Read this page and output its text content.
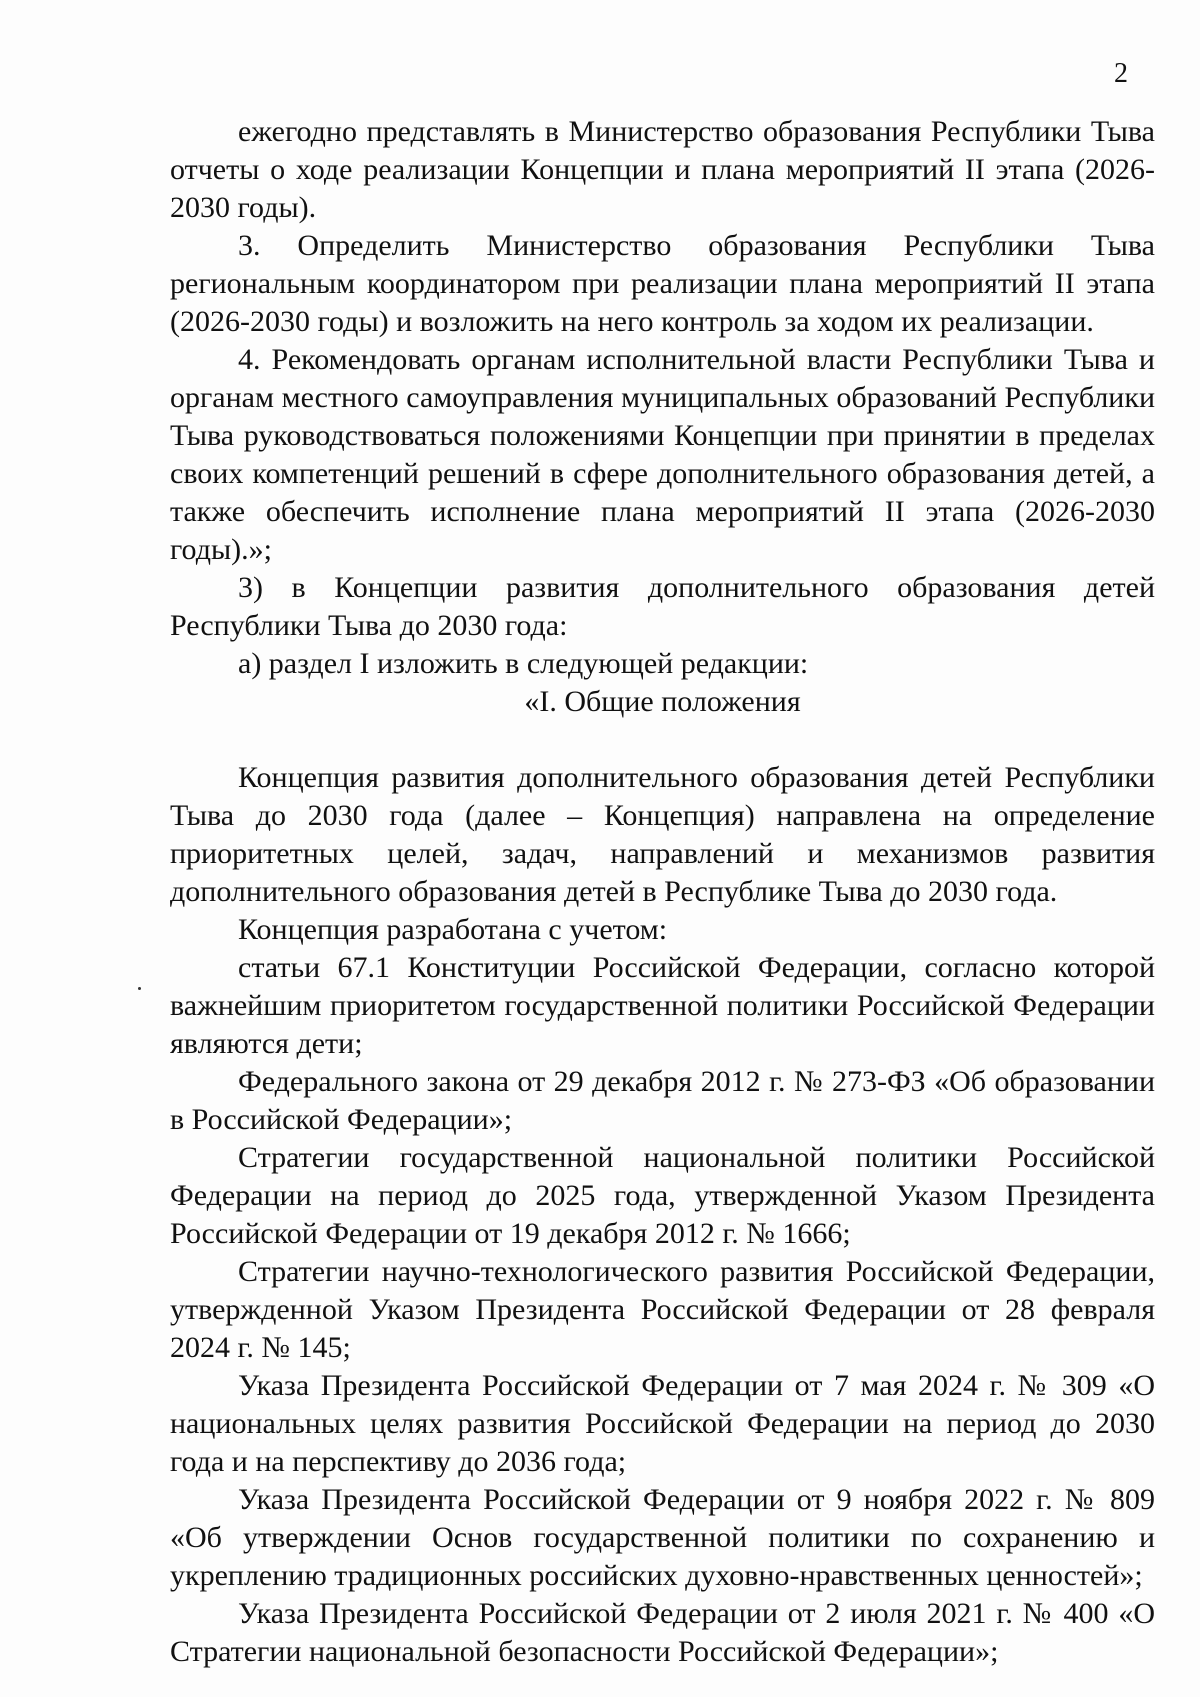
2

ежегодно представлять в Министерство образования Республики Тыва отчеты о ходе реализации Концепции и плана мероприятий II этапа (2026-2030 годы).

3. Определить Министерство образования Республики Тыва региональным координатором при реализации плана мероприятий II этапа (2026-2030 годы) и возложить на него контроль за ходом их реализации.

4. Рекомендовать органам исполнительной власти Республики Тыва и органам местного самоуправления муниципальных образований Республики Тыва руководствоваться положениями Концепции при принятии в пределах своих компетенций решений в сфере дополнительного образования детей, а также обеспечить исполнение плана мероприятий II этапа (2026-2030 годы).»;

3) в Концепции развития дополнительного образования детей Республики Тыва до 2030 года:

а) раздел I изложить в следующей редакции:

«I. Общие положения

Концепция развития дополнительного образования детей Республики Тыва до 2030 года (далее – Концепция) направлена на определение приоритетных целей, задач, направлений и механизмов развития дополнительного образования детей в Республике Тыва до 2030 года.

Концепция разработана с учетом:

статьи 67.1 Конституции Российской Федерации, согласно которой важнейшим приоритетом государственной политики Российской Федерации являются дети;

Федерального закона от 29 декабря 2012 г. № 273-ФЗ «Об образовании в Российской Федерации»;

Стратегии государственной национальной политики Российской Федерации на период до 2025 года, утвержденной Указом Президента Российской Федерации от 19 декабря 2012 г. № 1666;

Стратегии научно-технологического развития Российской Федерации, утвержденной Указом Президента Российской Федерации от 28 февраля 2024 г. № 145;

Указа Президента Российской Федерации от 7 мая 2024 г. № 309 «О национальных целях развития Российской Федерации на период до 2030 года и на перспективу до 2036 года;

Указа Президента Российской Федерации от 9 ноября 2022 г. № 809 «Об утверждении Основ государственной политики по сохранению и укреплению традиционных российских духовно-нравственных ценностей»;

Указа Президента Российской Федерации от 2 июля 2021 г. № 400 «О Стратегии национальной безопасности Российской Федерации»;
